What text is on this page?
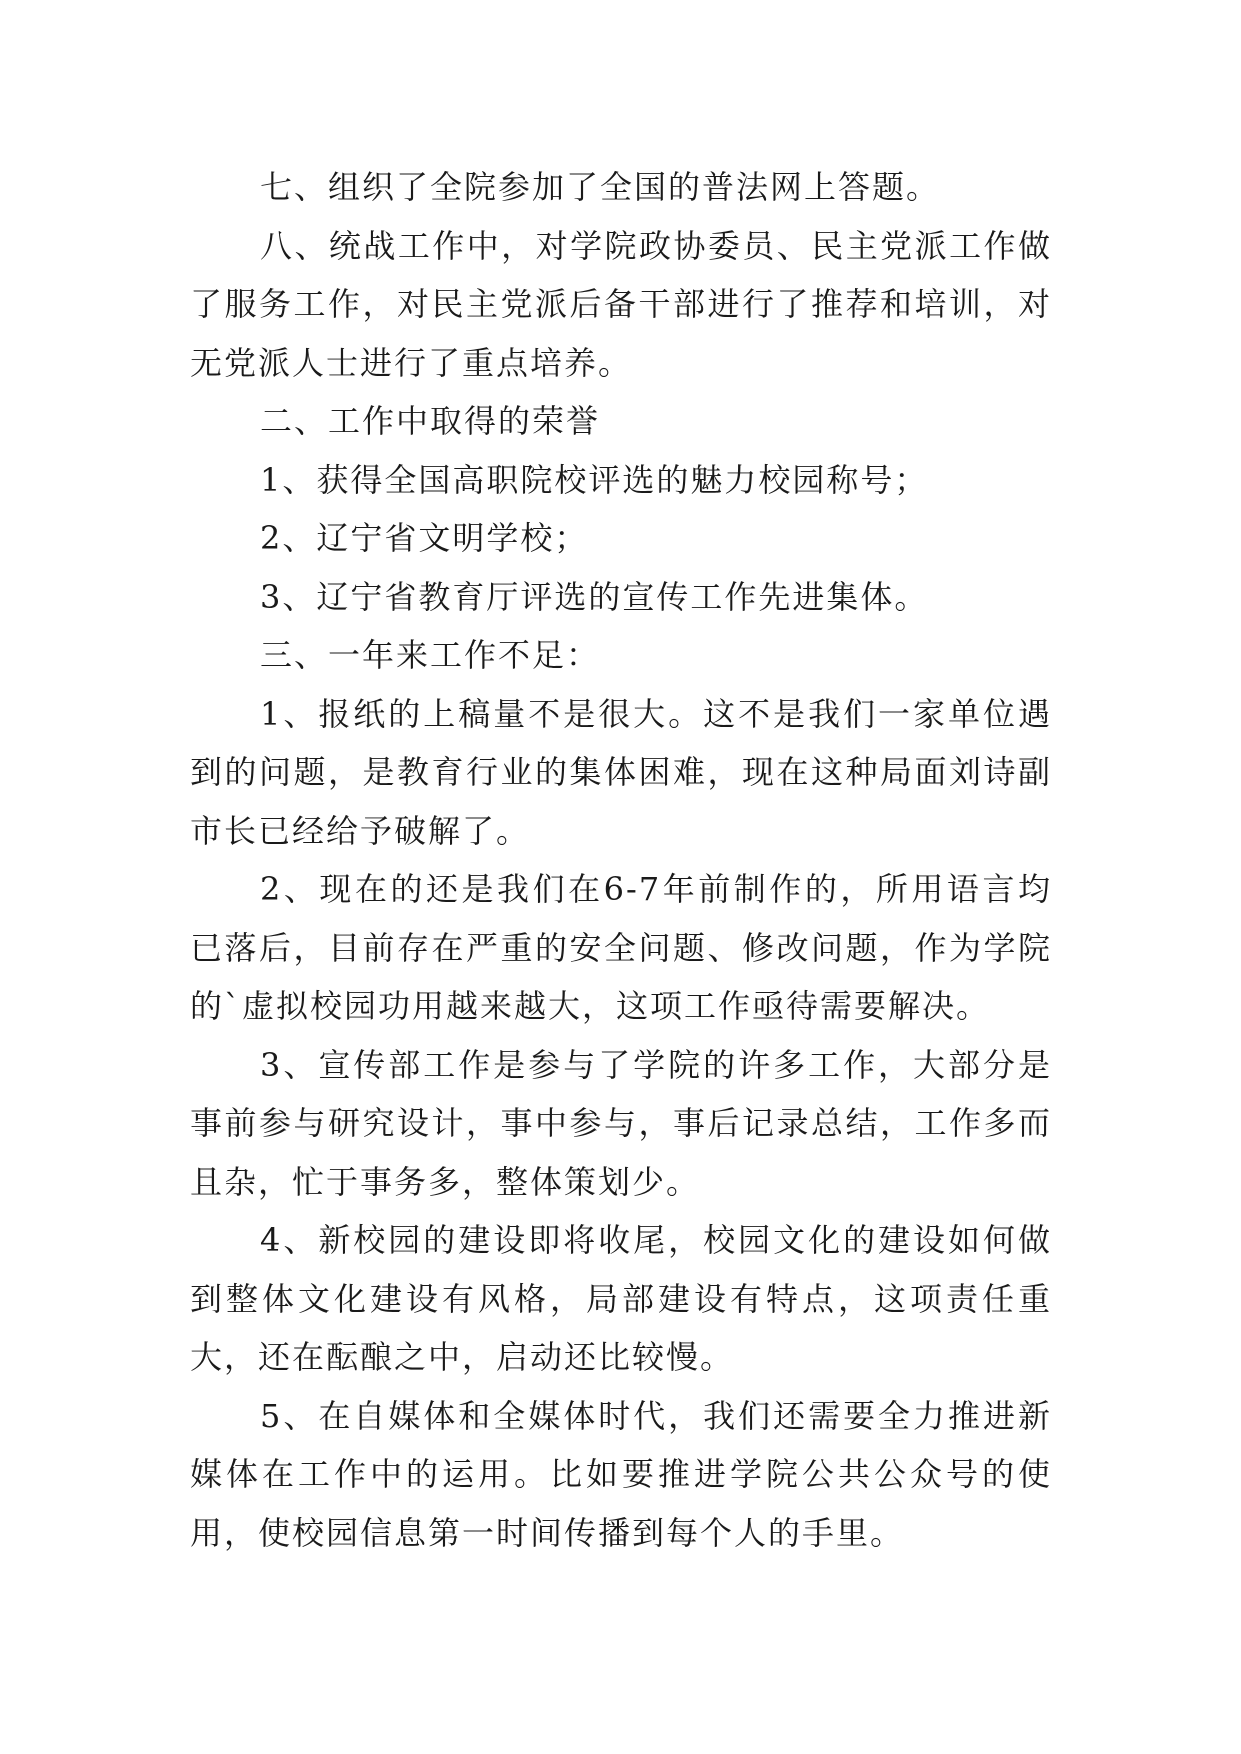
七、组织了全院参加了全国的普法网上答题。

八、统战工作中，对学院政协委员、民主党派工作做了服务工作，对民主党派后备干部进行了推荐和培训，对无党派人士进行了重点培养。

二、工作中取得的荣誉

1、获得全国高职院校评选的魅力校园称号；

2、辽宁省文明学校；

3、辽宁省教育厅评选的宣传工作先进集体。

三、一年来工作不足：

1、报纸的上稿量不是很大。这不是我们一家单位遇到的问题，是教育行业的集体困难，现在这种局面刘诗副市长已经给予破解了。

2、现在的还是我们在6-7年前制作的，所用语言均已落后，目前存在严重的安全问题、修改问题，作为学院的`虚拟校园功用越来越大，这项工作亟待需要解决。

3、宣传部工作是参与了学院的许多工作，大部分是事前参与研究设计，事中参与，事后记录总结，工作多而且杂，忙于事务多，整体策划少。

4、新校园的建设即将收尾，校园文化的建设如何做到整体文化建设有风格，局部建设有特点，这项责任重大，还在酝酿之中，启动还比较慢。

5、在自媒体和全媒体时代，我们还需要全力推进新媒体在工作中的运用。比如要推进学院公共公众号的使用，使校园信息第一时间传播到每个人的手里。
